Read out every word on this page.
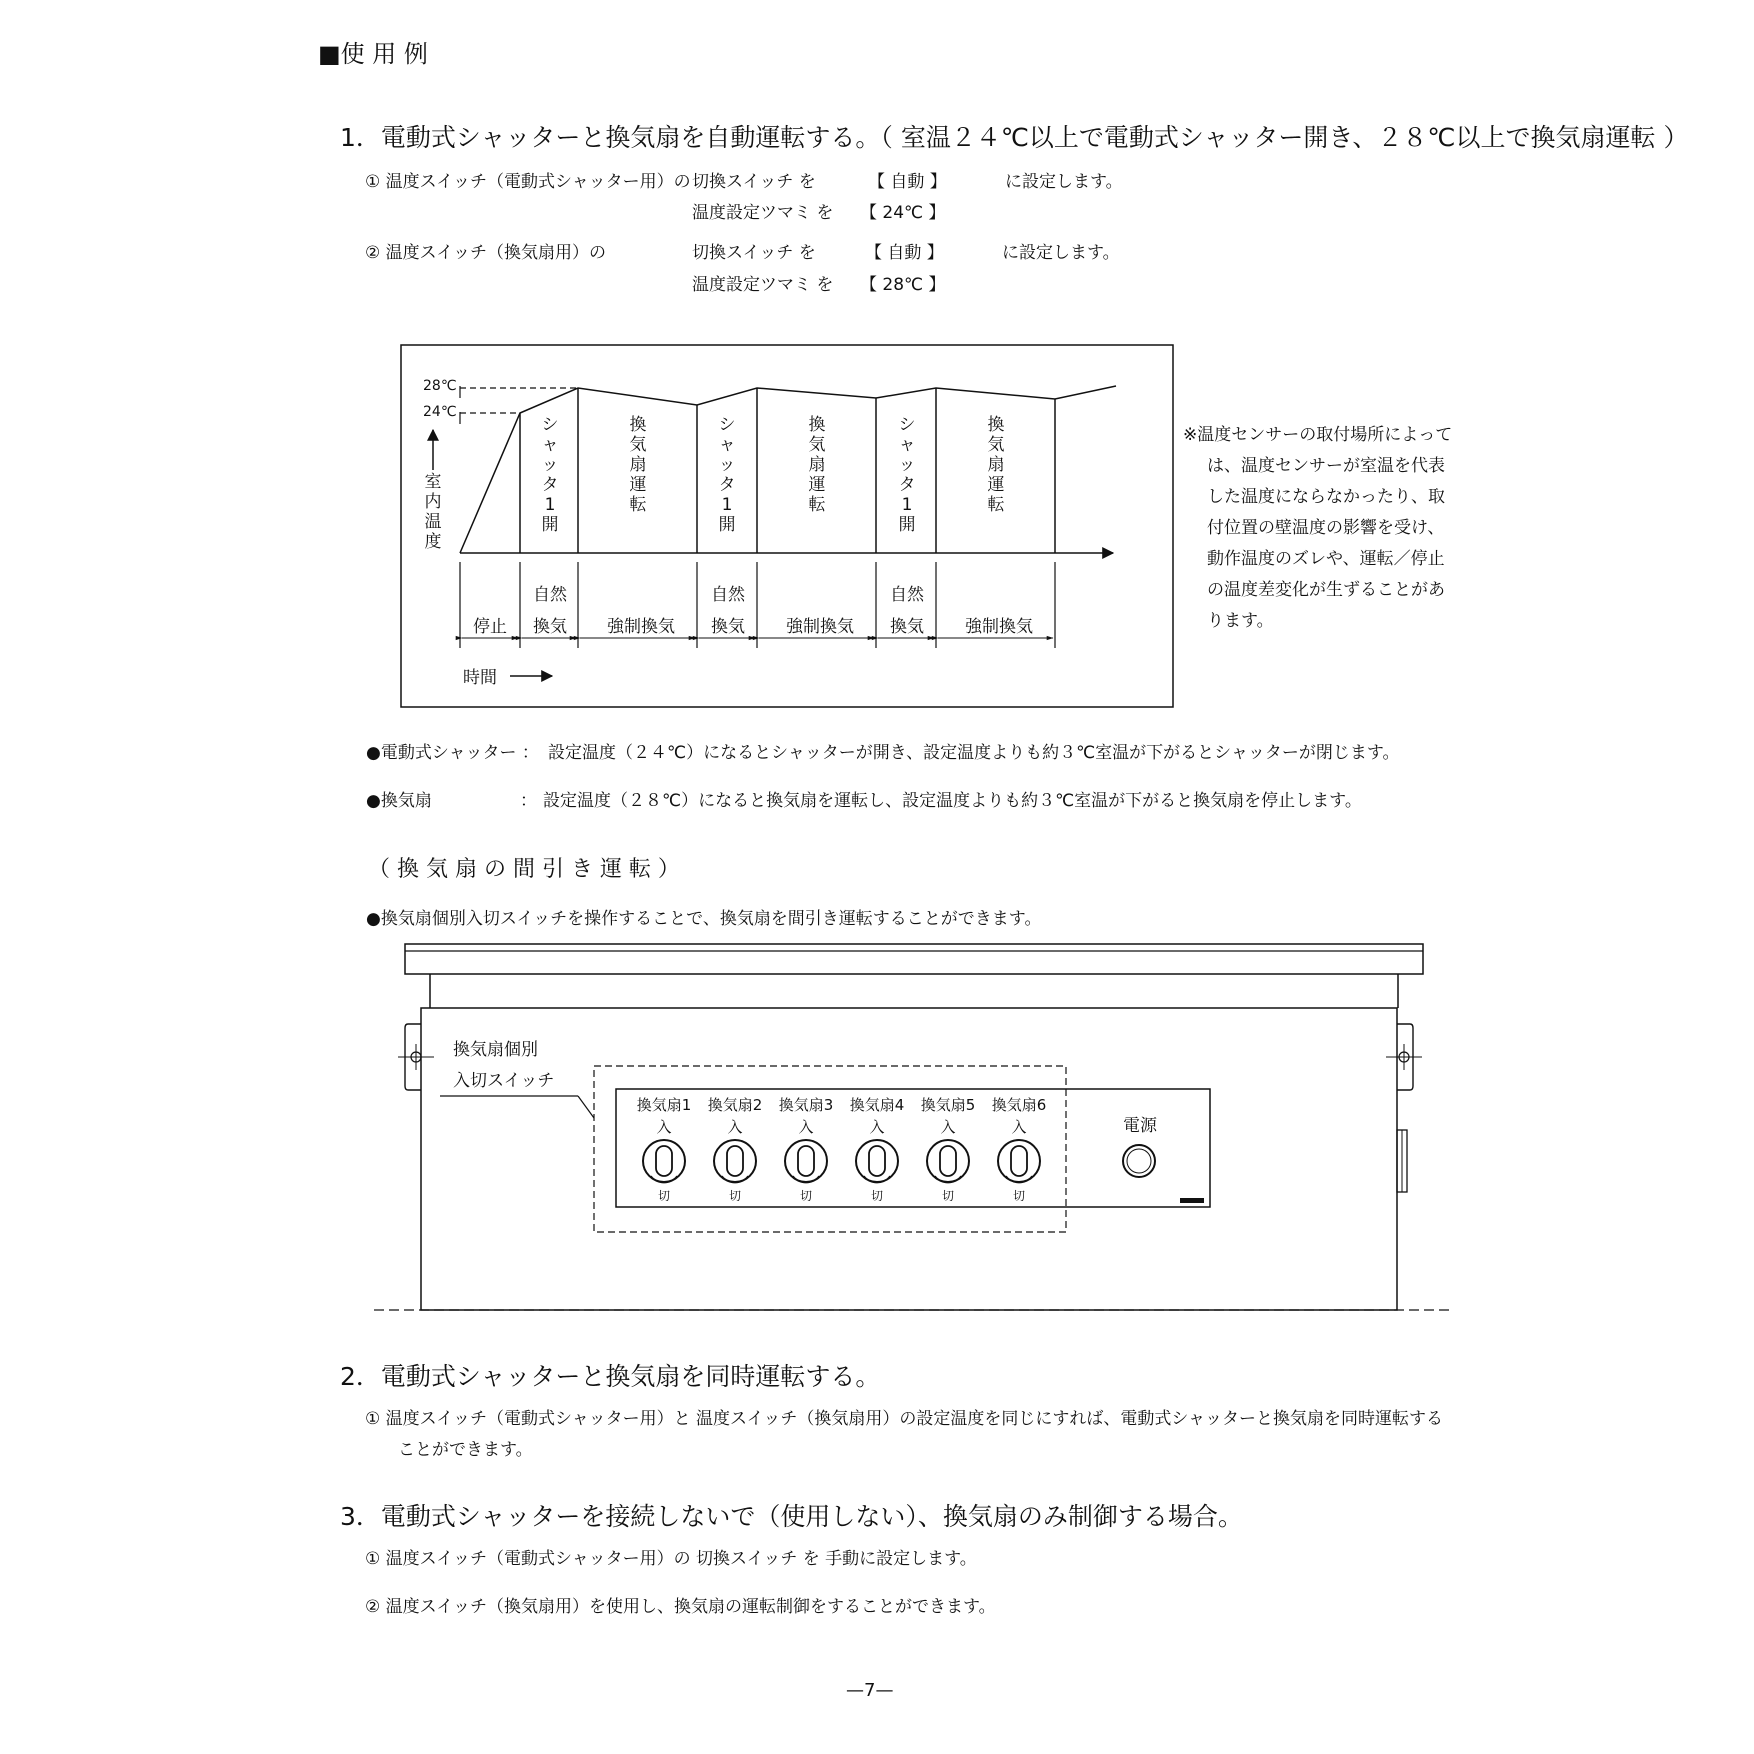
■使 用 例
1．電動式シャッターと換気扇を自動運転する。（ 室温２４℃以上で電動式シャッター開き、２８℃以上で換気扇運転 ）
① 温度スイッチ（電動式シャッター用）の 切換スイッチ を	【 自動 】	に設定します。
温度設定ツマミ を 【 24℃ 】
② 温度スイッチ（換気扇用）の	切換スイッチ を	【 自動 】	に設定します。
温度設定ツマミ を 【 28℃ 】
28℃
24℃
室
内
温
度
シ
ャ
ッ
タ
1
開
換
気
扇
運
転
シ
ャ
ッ
タ
1
開
換
気
扇
運
転
シ
ャ
ッ
タ
1
開
換
気
扇
運
転
停止
自然
換気 強制換気
自然
換気 強制換気
自然
換気 強制換気
時間
※温度センサーの取付場所によって
は、温度センサーが室温を代表
した温度にならなかったり、取
付位置の壁温度の影響を受け、
動作温度のズレや、運転／停止
の温度差変化が生ずることがあ
ります。
●電動式シャッター ： 設定温度（２４℃）になるとシャッターが開き、設定温度よりも約３℃室温が下がるとシャッターが閉じます。
●換気扇	： 設定温度（２８℃）になると換気扇を運転し、設定温度よりも約３℃室温が下がると換気扇を停止します。
（ 換 気 扇 の 間 引 き 運 転 ）
●換気扇個別入切スイッチを操作することで、換気扇を間引き運転することができます。
換気扇個別
入切スイッチ
換気扇1
入
切
換気扇2
入
切
換気扇3
入
切
換気扇4
入
切
換気扇5
入
切
換気扇6
入
切
電源
2．電動式シャッターと換気扇を同時運転する。
① 温度スイッチ（電動式シャッター用）と 温度スイッチ（換気扇用）の設定温度を同じにすれば、電動式シャッターと換気扇を同時運転する
ことができます。
3．電動式シャッターを接続しないで（使用しない）、換気扇のみ制御する場合。
① 温度スイッチ（電動式シャッター用）の 切換スイッチ を 手動に設定します。
② 温度スイッチ（換気扇用）を使用し、換気扇の運転制御をすることができます。
—7—
